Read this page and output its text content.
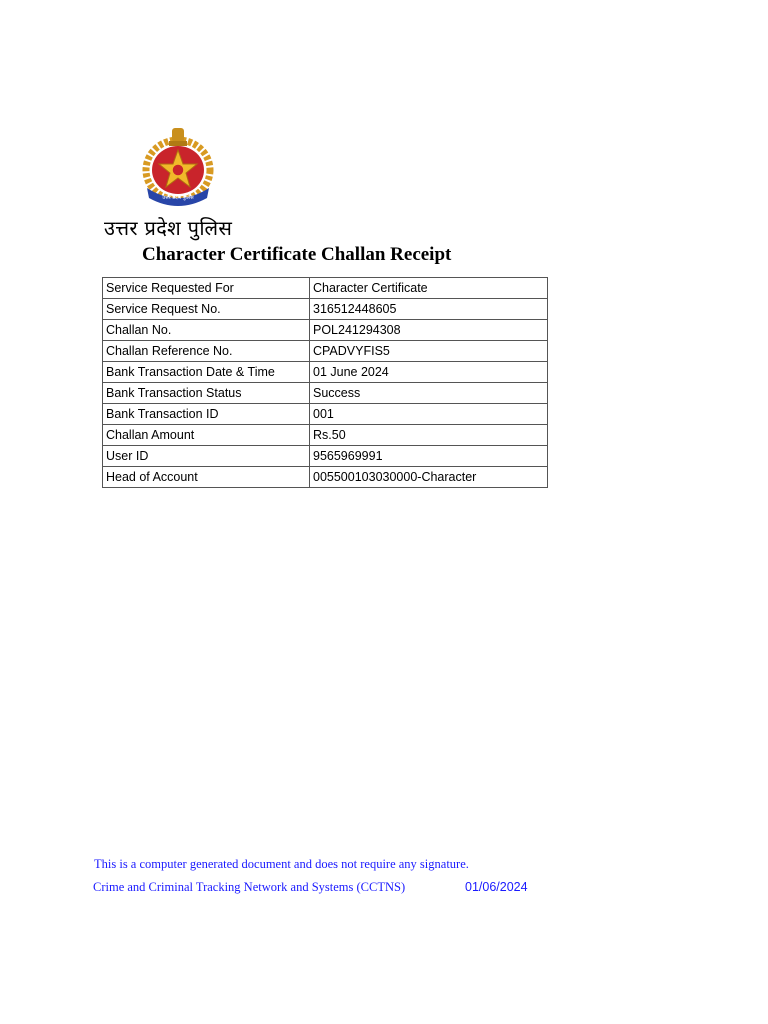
उत्तर प्रदेश पुलिस
उत्तर प्रदेश पुलिस
Character Certificate Challan Receipt
Service Requested For	Character Certificate
Service Request No.	316512448605
Challan No.	POL241294308
Challan Reference No.	CPADVYFIS5
Bank Transaction Date & Time	01 June 2024
Bank Transaction Status	Success
Bank Transaction ID	001
Challan Amount	Rs.50
User ID	9565969991
Head of Account	005500103030000-Character
This is a computer generated document and does not require any signature.
Crime and Criminal Tracking Network and Systems (CCTNS)	01/06/2024
